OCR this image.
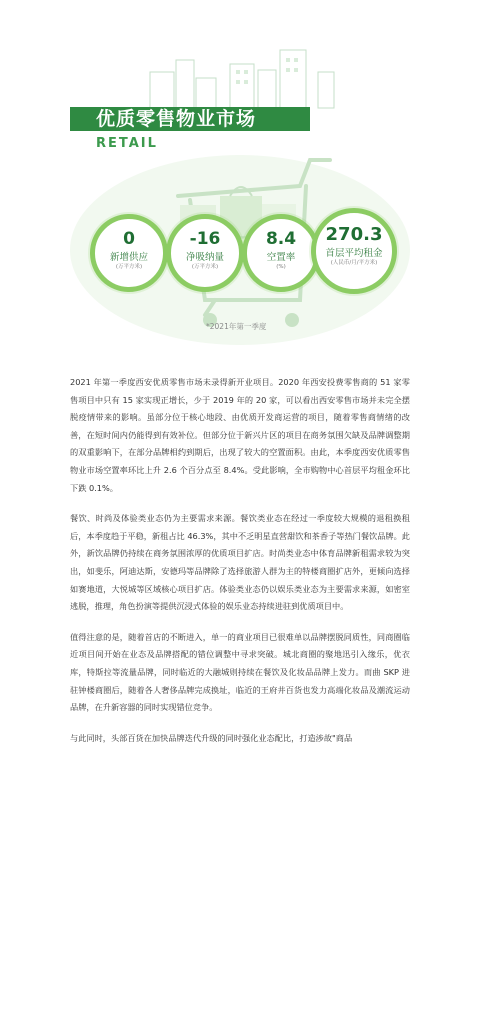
优质零售物业市场
RETAIL
0
新增供应
(万平方米)
-16
净吸纳量
(万平方米)
8.4
空置率
(%)
270.3
首层平均租金
(人民币/月/平方米)
*2021年第一季度

2021 年第一季度西安优质零售市场未录得新开业项目。2020 年西安投费零售商的 51 家零售项目中只有 15 家实现正增长，少于 2019 年的 20 家，可以看出西安零售市场并未完全摆脱疫情带来的影响。虽部分位于核心地段、由优质开发商运营的项目，随着零售商情绪的改善，在短时间内仍能得到有效补位。但部分位于新兴片区的项目在商务氛围欠缺及品牌调整期的双重影响下，在部分品牌相约到期后，出现了较大的空置面积。由此，本季度西安优质零售物业市场空置率环比上升 2.6 个百分点至 8.4%。受此影响，全市购物中心首层平均租金环比下跌 0.1%。

餐饮、时尚及体验类业态仍为主要需求来源。餐饮类业态在经过一季度较大规模的退租换租后，本季度趋于平稳，新租占比 46.3%，其中不乏明星直营甜饮和茶香子等热门餐饮品牌。此外，新饮品牌仍持续在商务氛围浓厚的优质项目扩店。时尚类业态中体育品牌新租需求较为突出，如斐乐，阿迪达斯，安德玛等品牌除了选择旅游人群为主的特楼商圈扩店外，更倾向选择如赛地道，大悦城等区域核心项目扩店。体验类业态仍以娱乐类业态为主要需求来源，如密室逃脱，推理，角色扮演等提供沉浸式体验的娱乐业态持续进驻到优质项目中。

值得注意的是，随着首店的不断进入，单一的商业项目已很难单以品牌摆脱同质性，同商圈临近项目间开始在业态及品牌搭配的错位调整中寻求突破。城北商圈的聚地迅引入缘乐，优衣库，特斯拉等流量品牌，同时临近的大融城则持续在餐饮及化妆品品牌上发力。而曲 SKP 进驻钟楼商圈后，随着各人奢侈品牌完成换址，临近的王府井百货也发力高端化妆品及潮流运动品牌，在升新容器的同时实现错位竞争。

与此同时，头部百货在加快品牌迭代升级的同时强化业态配比，打造涉故"商品
